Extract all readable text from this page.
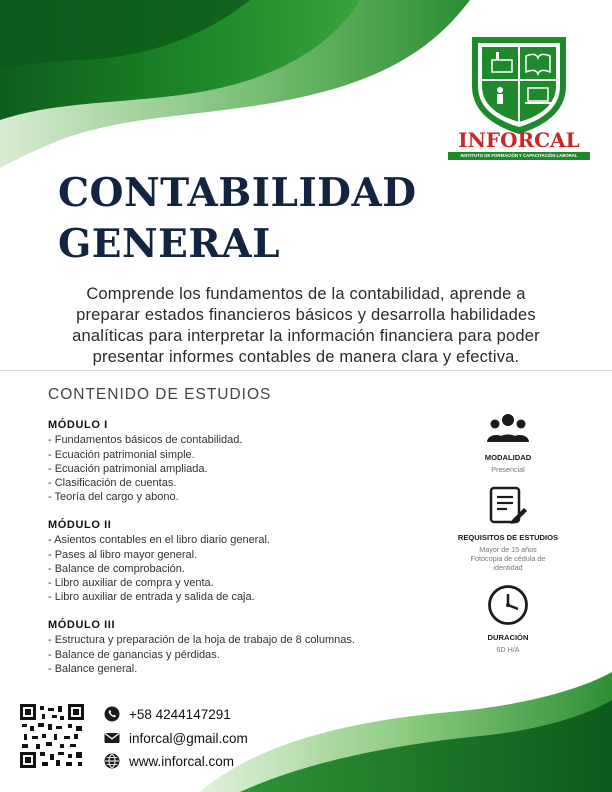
INFORCAL
INSTITUTO DE FORMACIÓN Y CAPACITACIÓN LABORAL
CONTABILIDAD
GENERAL
Comprende los fundamentos de la contabilidad, aprende a
preparar estados financieros básicos y desarrolla habilidades
analíticas para interpretar la información financiera para poder
presentar informes contables de manera clara y efectiva.
CONTENIDO DE ESTUDIOS
MÓDULO I
- Fundamentos básicos de contabilidad.
- Ecuación patrimonial simple.
- Ecuación patrimonial ampliada.
- Clasificación de cuentas.
- Teoría del cargo y abono.
MÓDULO II
- Asientos contables en el libro diario general.
- Pases al libro mayor general.
- Balance de comprobación.
- Libro auxiliar de compra y venta.
- Libro auxiliar de entrada y salida de caja.
MÓDULO III
- Estructura y preparación de la hoja de trabajo de 8 columnas.
- Balance de ganancias y pérdidas.
- Balance general.
MODALIDAD
Presencial
REQUISITOS DE ESTUDIOS
Mayor de 15 años
Fotocopia de cédula de
identidad
DURACIÓN
6D H/A
+58 4244147291
inforcal@gmail.com
www.inforcal.com
